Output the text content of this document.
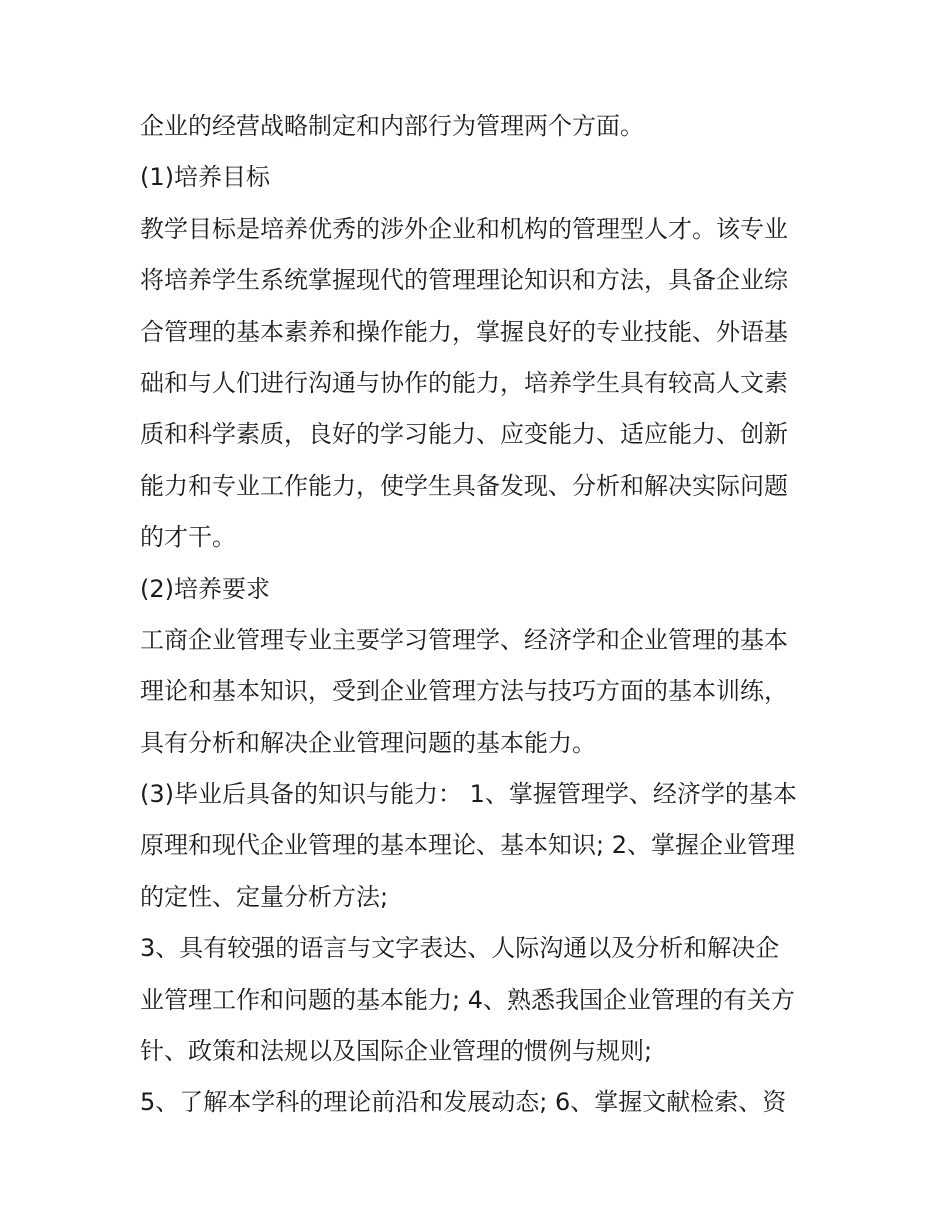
企业的经营战略制定和内部行为管理两个方面。
(1)培养目标
教学目标是培养优秀的涉外企业和机构的管理型人才。该专业
将培养学生系统掌握现代的管理理论知识和方法，具备企业综
合管理的基本素养和操作能力，掌握良好的专业技能、外语基
础和与人们进行沟通与协作的能力，培养学生具有较高人文素
质和科学素质，良好的学习能力、应变能力、适应能力、创新
能力和专业工作能力，使学生具备发现、分析和解决实际问题
的才干。
(2)培养要求
工商企业管理专业主要学习管理学、经济学和企业管理的基本
理论和基本知识，受到企业管理方法与技巧方面的基本训练，
具有分析和解决企业管理问题的基本能力。
(3)毕业后具备的知识与能力： 1、掌握管理学、经济学的基本
原理和现代企业管理的基本理论、基本知识; 2、掌握企业管理
的定性、定量分析方法;
3、具有较强的语言与文字表达、人际沟通以及分析和解决企
业管理工作和问题的基本能力; 4、熟悉我国企业管理的有关方
针、政策和法规以及国际企业管理的惯例与规则;
5、了解本学科的理论前沿和发展动态; 6、掌握文献检索、资
